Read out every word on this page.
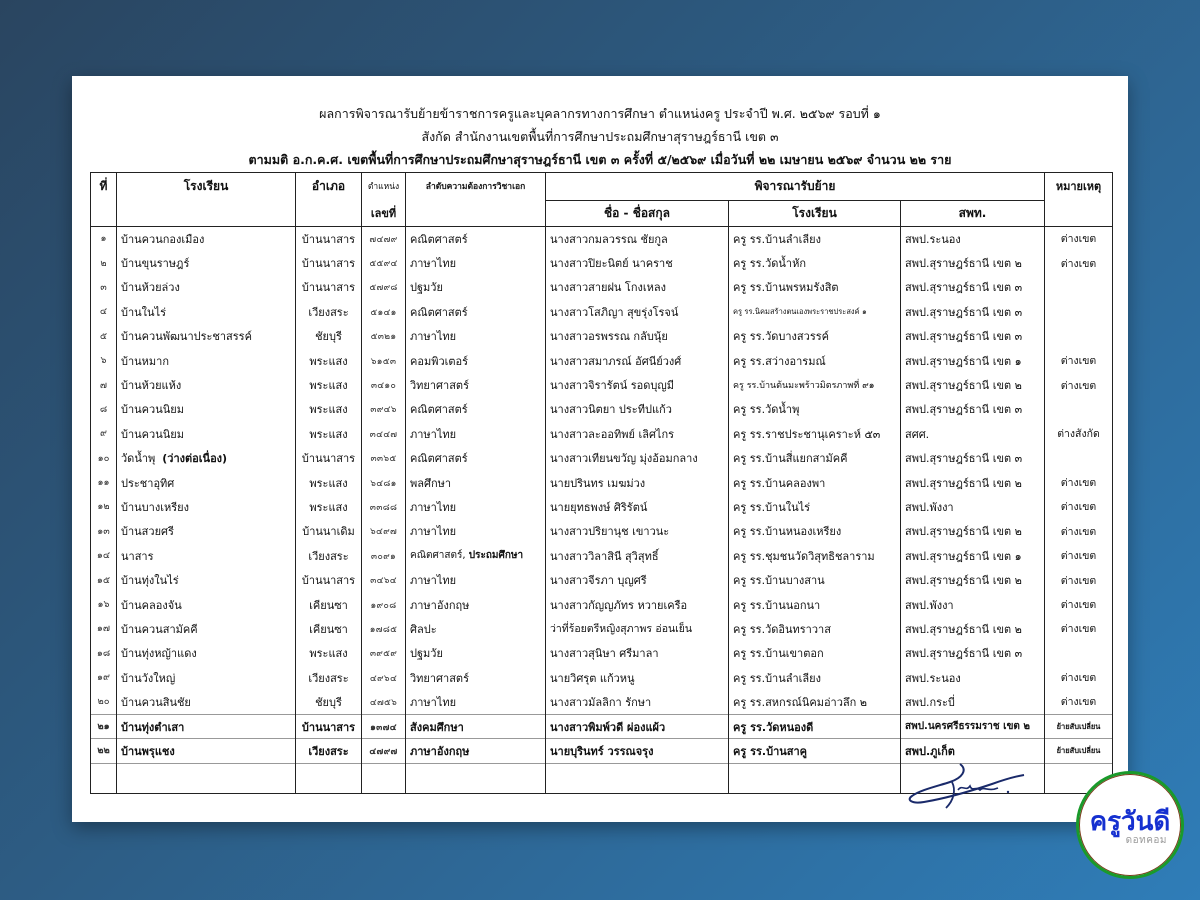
ผลการพิจารณารับย้ายข้าราชการครูและบุคลากรทางการศึกษา ตำแหน่งครู ประจำปี พ.ศ. ๒๕๖๙ รอบที่ ๑
สังกัด สำนักงานเขตพื้นที่การศึกษาประถมศึกษาสุราษฎร์ธานี เขต ๓
ตามมติ อ.ก.ค.ศ. เขตพื้นที่การศึกษาประถมศึกษาสุราษฎร์ธานี เขต ๓ ครั้งที่ ๕/๒๕๖๙ เมื่อวันที่ ๒๒ เมษายน ๒๕๖๙ จำนวน ๒๒ ราย
ที่	โรงเรียน	อำเภอ	ตำแหน่ง	ลำดับความต้องการวิชาเอก	พิจารณารับย้าย			หมายเหตุ
			เลขที่		ชื่อ - ชื่อสกุล	โรงเรียน	สพท.	
๑	บ้านควนกองเมือง	บ้านนาสาร	๗๔๗๙	คณิตศาสตร์	นางสาวกมลวรรณ ชัยกูล	ครู รร.บ้านลำเลียง	สพป.ระนอง	ต่างเขต
๒	บ้านขุนราษฎร์	บ้านนาสาร	๕๕๙๔	ภาษาไทย	นางสาวปิยะนิตย์ นาคราช	ครู รร.วัดน้ำหัก	สพป.สุราษฎร์ธานี เขต ๒	ต่างเขต
๓	บ้านห้วยล่วง	บ้านนาสาร	๕๗๙๘	ปฐมวัย	นางสาวสายฝน โกงเหลง	ครู รร.บ้านพรหมรังสิต	สพป.สุราษฎร์ธานี เขต ๓	
๔	บ้านในไร่	เวียงสระ	๕๑๔๑	คณิตศาสตร์	นางสาวโสภิญา สุขรุ่งโรจน์	ครู รร.นิคมสร้างตนเองพระราชประสงค์ ๑	สพป.สุราษฎร์ธานี เขต ๓	
๕	บ้านควนพัฒนาประชาสรรค์	ชัยบุรี	๕๓๒๑	ภาษาไทย	นางสาวอรพรรณ กลับนุ้ย	ครู รร.วัดบางสวรรค์	สพป.สุราษฎร์ธานี เขต ๓	
๖	บ้านหมาก	พระแสง	๖๑๕๓	คอมพิวเตอร์	นางสาวสมาภรณ์ อัศนีย์วงศ์	ครู รร.สว่างอารมณ์	สพป.สุราษฎร์ธานี เขต ๑	ต่างเขต
๗	บ้านห้วยแห้ง	พระแสง	๓๔๑๐	วิทยาศาสตร์	นางสาวจิรารัตน์ รอดบุญมี	ครู รร.บ้านต้นมะพร้าวมิตรภาพที่ ๙๑	สพป.สุราษฎร์ธานี เขต ๒	ต่างเขต
๘	บ้านควนนิยม	พระแสง	๓๙๔๖	คณิตศาสตร์	นางสาวนิตยา ประทีปแก้ว	ครู รร.วัดน้ำพุ	สพป.สุราษฎร์ธานี เขต ๓	
๙	บ้านควนนิยม	พระแสง	๓๔๔๗	ภาษาไทย	นางสาวละออทิพย์ เลิศไกร	ครู รร.ราชประชานุเคราะห์ ๕๓	สศศ.	ต่างสังกัด
๑๐	วัดน้ำพุ (ว่างต่อเนื่อง)	บ้านนาสาร	๓๓๖๕	คณิตศาสตร์	นางสาวเทียนขวัญ มุ่งอ้อมกลาง	ครู รร.บ้านสี่แยกสามัคคี	สพป.สุราษฎร์ธานี เขต ๓	
๑๑	ประชาอุทิศ	พระแสง	๖๔๘๑	พลศึกษา	นายปรินทร เมฆม่วง	ครู รร.บ้านคลองพา	สพป.สุราษฎร์ธานี เขต ๒	ต่างเขต
๑๒	บ้านบางเหรียง	พระแสง	๓๓๘๘	ภาษาไทย	นายยุทธพงษ์ ศิริรัตน์	ครู รร.บ้านในไร่	สพป.พังงา	ต่างเขต
๑๓	บ้านสวยศรี	บ้านนาเดิม	๖๔๙๗	ภาษาไทย	นางสาวปริยานุช เขาวนะ	ครู รร.บ้านหนองเหรียง	สพป.สุราษฎร์ธานี เขต ๒	ต่างเขต
๑๔	นาสาร	เวียงสระ	๓๐๙๑	คณิตศาสตร์, ประถมศึกษา	นางสาววิลาสินี สุวิสุทธิ์	ครู รร.ชุมชนวัดวิสุทธิชลาราม	สพป.สุราษฎร์ธานี เขต ๑	ต่างเขต
๑๕	บ้านทุ่งในไร่	บ้านนาสาร	๓๔๖๔	ภาษาไทย	นางสาวจีรภา บุญศรี	ครู รร.บ้านบางสาน	สพป.สุราษฎร์ธานี เขต ๒	ต่างเขต
๑๖	บ้านคลองจัน	เคียนซา	๑๙๐๘	ภาษาอังกฤษ	นางสาวกัญญภัทร หวายเครือ	ครู รร.บ้านนอกนา	สพป.พังงา	ต่างเขต
๑๗	บ้านควนสามัคคี	เคียนซา	๑๗๘๕	ศิลปะ	ว่าที่ร้อยตรีหญิงสุภาพร อ่อนเย็น	ครู รร.วัดอินทราวาส	สพป.สุราษฎร์ธานี เขต ๒	ต่างเขต
๑๘	บ้านทุ่งหญ้าแดง	พระแสง	๓๙๕๙	ปฐมวัย	นางสาวสุนิษา ศรีมาลา	ครู รร.บ้านเขาตอก	สพป.สุราษฎร์ธานี เขต ๓	
๑๙	บ้านวังใหญ่	เวียงสระ	๔๙๖๔	วิทยาศาสตร์	นายวิศรุต แก้วหนู	ครู รร.บ้านลำเลียง	สพป.ระนอง	ต่างเขต
๒๐	บ้านควนสินชัย	ชัยบุรี	๔๗๕๖	ภาษาไทย	นางสาวมัลลิกา รักษา	ครู รร.สหกรณ์นิคมอ่าวลึก ๒	สพป.กระบี่	ต่างเขต
๒๑	บ้านทุ่งตำเสา	บ้านนาสาร	๑๓๗๔	สังคมศึกษา	นางสาวพิมพ์วดี ผ่องแผ้ว	ครู รร.วัดหนองดี	สพป.นครศรีธรรมราช เขต ๒	ย้ายสับเปลี่ยน
๒๒	บ้านพรุแชง	เวียงสระ	๔๗๙๗	ภาษาอังกฤษ	นายบุรินทร์ วรรณจรุง	ครู รร.บ้านสาคู	สพป.ภูเก็ต	ย้ายสับเปลี่ยน

ครูวันดี
ดอทคอม
